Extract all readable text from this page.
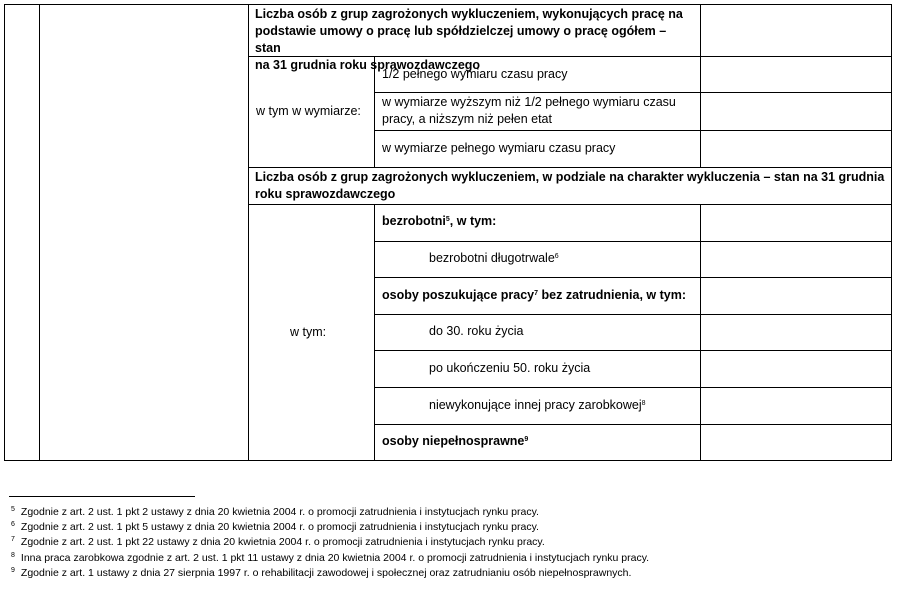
Liczba osób z grup zagrożonych wykluczeniem, wykonujących pracę na
podstawie umowy o pracę lub spółdzielczej umowy o pracę ogółem – stan
na 31 grudnia roku sprawozdawczego
w tym w wymiarze:
1/2 pełnego wymiaru czasu pracy
w wymiarze wyższym niż 1/2 pełnego wymiaru czasu
pracy, a niższym niż pełen etat
w wymiarze pełnego wymiaru czasu pracy
Liczba osób z grup zagrożonych wykluczeniem, w podziale na charakter wykluczenia – stan na 31 grudnia
roku sprawozdawczego
w tym:
bezrobotni$^5$, w tym:
bezrobotni długotrwale$^6$
osoby poszukujące pracy$^7$ bez zatrudnienia, w tym:
do 30. roku życia
po ukończeniu 50. roku życia
niewykonujące innej pracy zarobkowej$^8$
osoby niepełnosprawne$^9$
$^5$ Zgodnie z art. 2 ust. 1 pkt 2 ustawy z dnia 20 kwietnia 2004 r. o promocji zatrudnienia i instytucjach rynku pracy.
$^6$ Zgodnie z art. 2 ust. 1 pkt 5 ustawy z dnia 20 kwietnia 2004 r. o promocji zatrudnienia i instytucjach rynku pracy.
$^7$ Zgodnie z art. 2 ust. 1 pkt 22 ustawy z dnia 20 kwietnia 2004 r. o promocji zatrudnienia i instytucjach rynku pracy.
$^8$ Inna praca zarobkowa zgodnie z art. 2 ust. 1 pkt 11 ustawy z dnia 20 kwietnia 2004 r. o promocji zatrudnienia i instytucjach rynku pracy.
$^9$ Zgodnie z art. 1 ustawy z dnia 27 sierpnia 1997 r. o rehabilitacji zawodowej i społecznej oraz zatrudnianiu osób niepełnosprawnych.
